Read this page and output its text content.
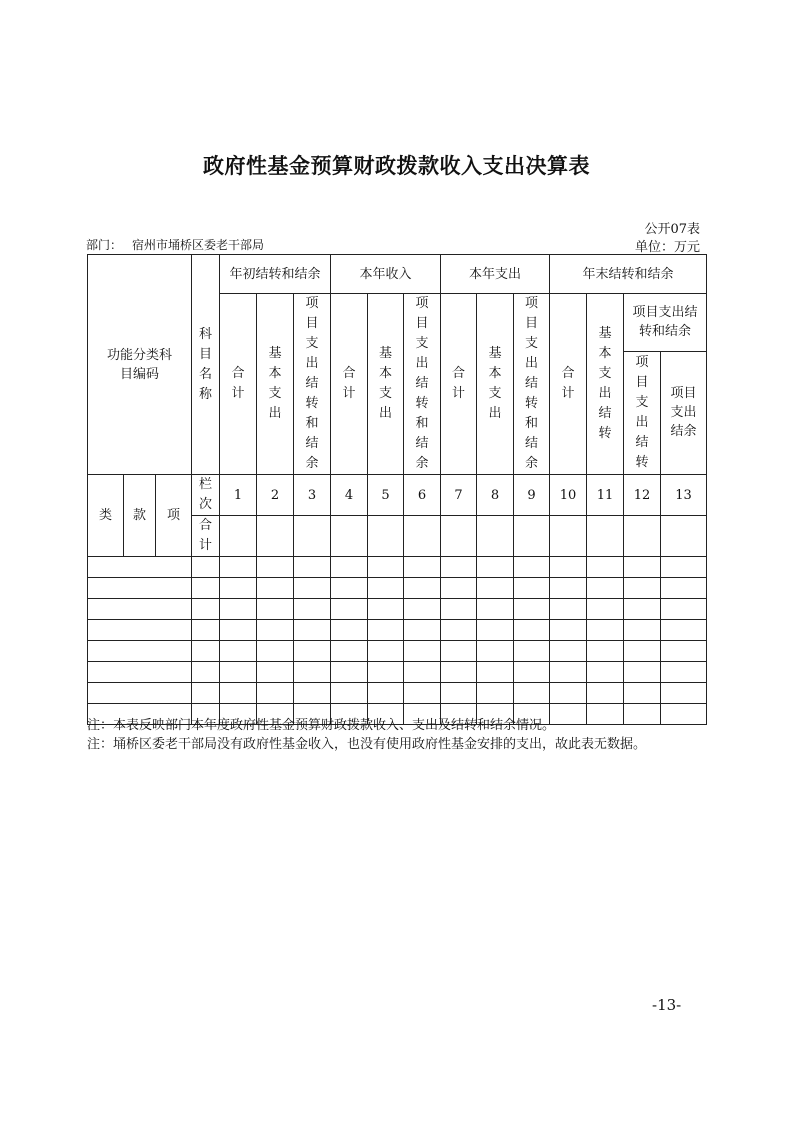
政府性基金预算财政拨款收入支出决算表
公开07表
部门： 宿州市埇桥区委老干部局	单位：万元
功能分类科目编码			科目名称	年初结转和结余			本年收入			本年支出			年末结转和结余			
				合计	基本支出	项目支出结转和结余	合计	基本支出	项目支出结转和结余	合计	基本支出	项目支出结转和结余	合计	基本支出结转	项目支出结转和结余	

															项目支出结转	项目支出结余

类	款	项	栏次	1	2	3	4	5	6	7	8	9	10	11	12	13
			合计													

注：本表反映部门本年度政府性基金预算财政拨款收入、支出及结转和结余情况。

注：埇桥区委老干部局没有政府性基金收入，也没有使用政府性基金安排的支出，故此表无数据。

-13-
